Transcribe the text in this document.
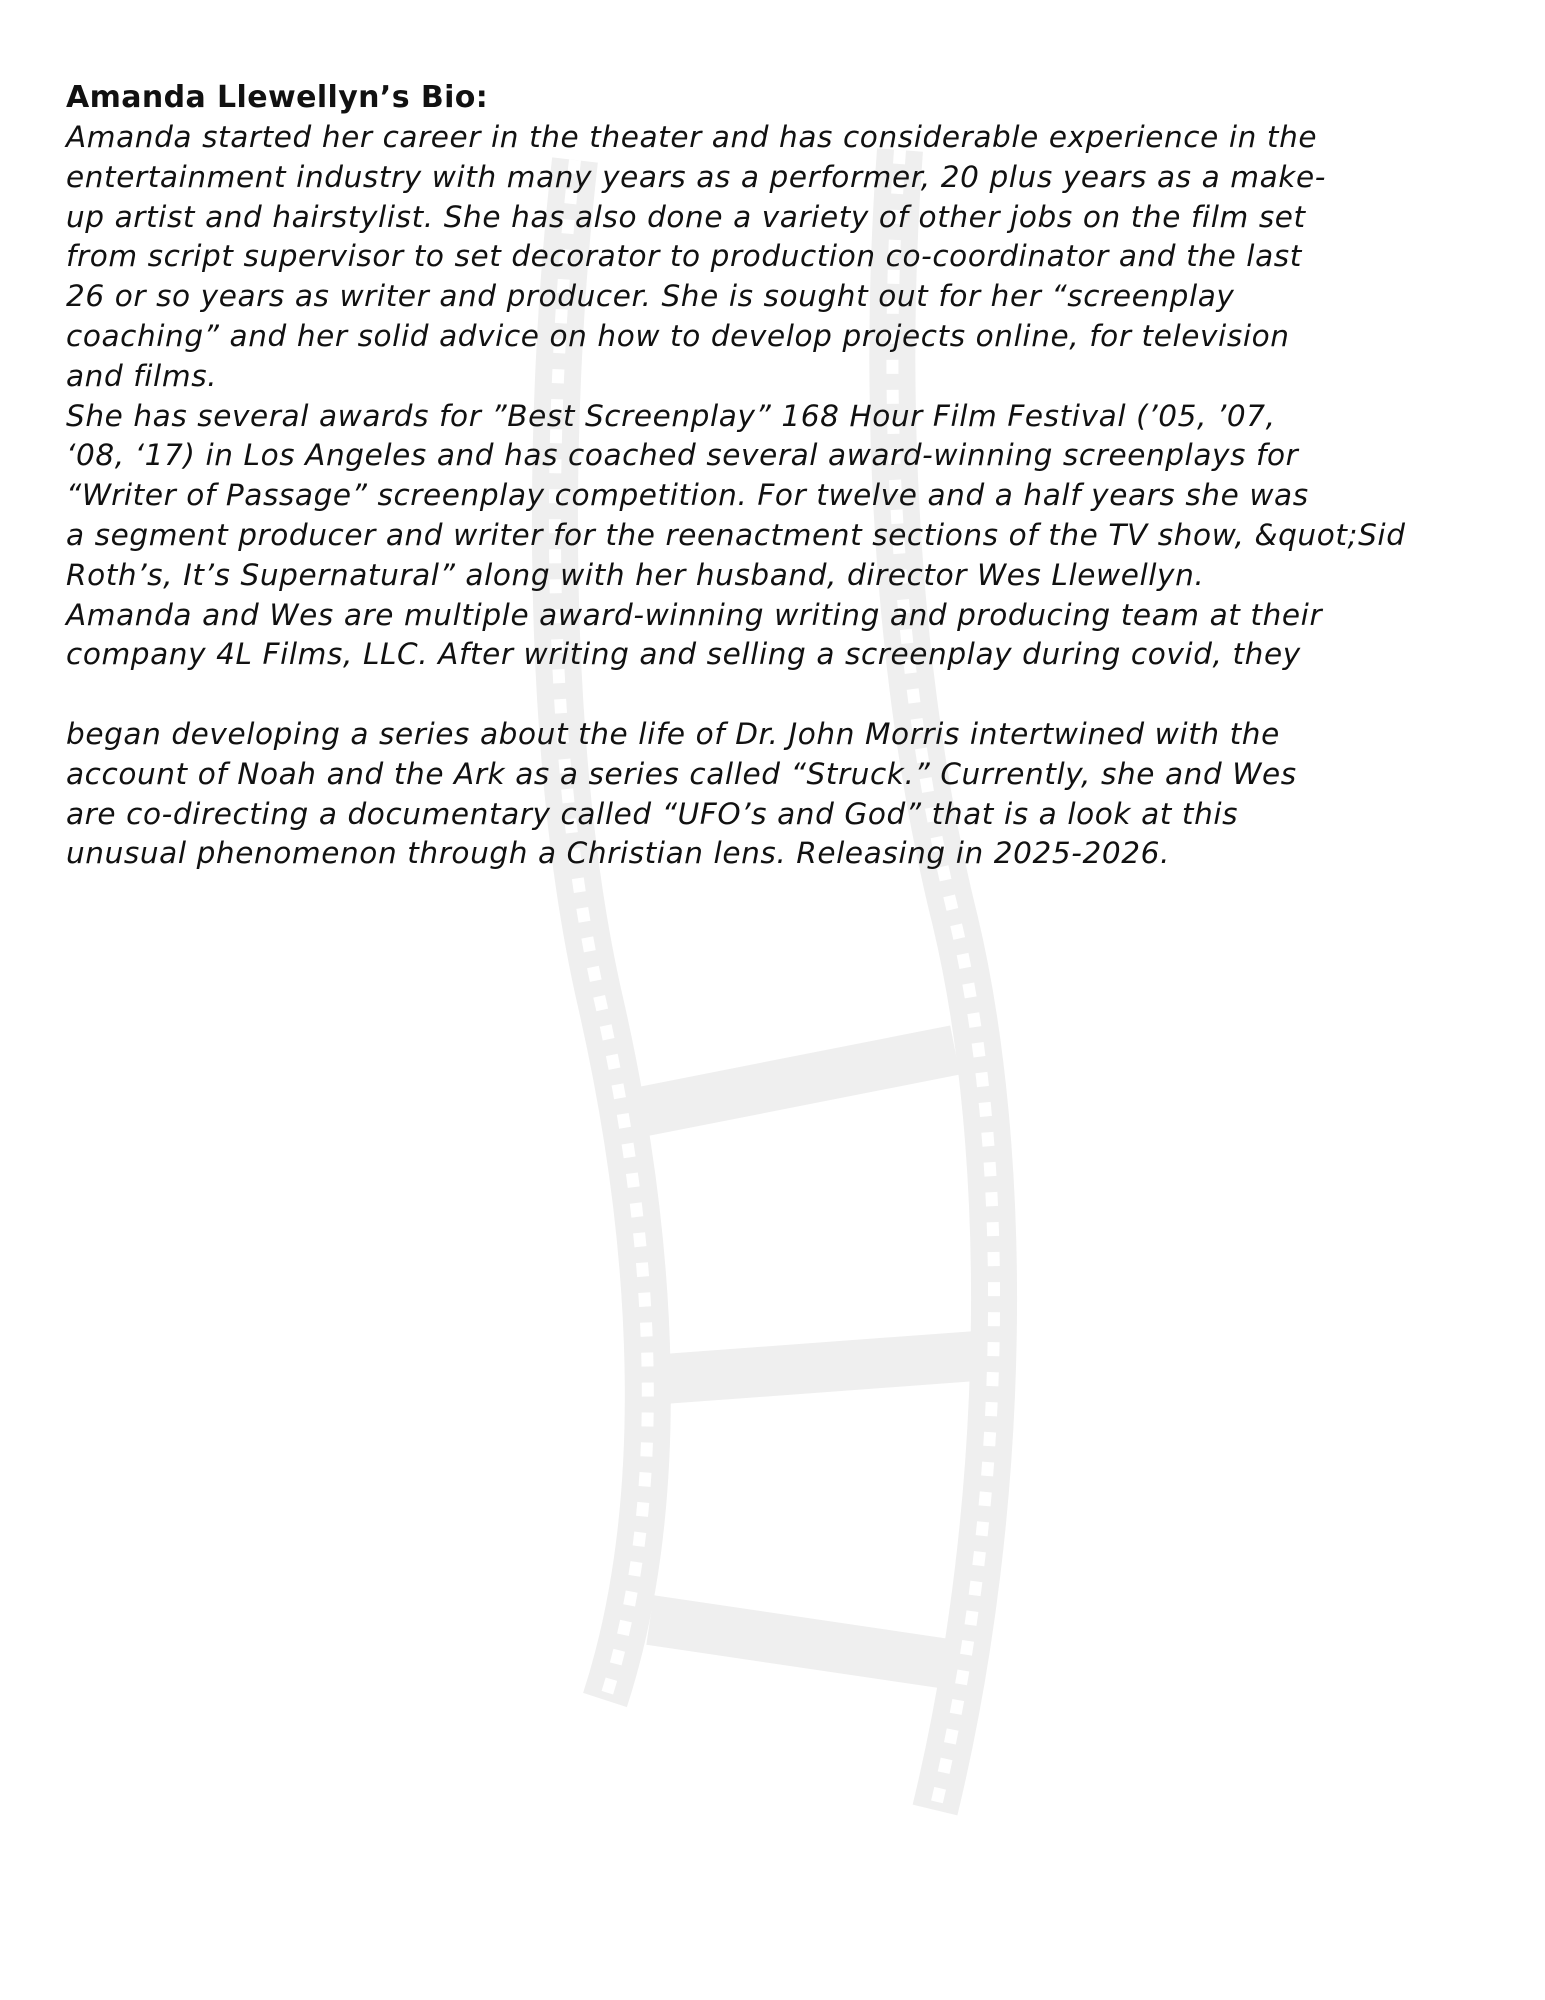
Amanda Llewellyn’s Bio:
Amanda started her career in the theater and has considerable experience in the
entertainment industry with many years as a performer, 20 plus years as a make-
up artist and hairstylist. She has also done a variety of other jobs on the film set
from script supervisor to set decorator to production co-coordinator and the last
26 or so years as writer and producer. She is sought out for her “screenplay
coaching” and her solid advice on how to develop projects online, for television
and films.
She has several awards for ”Best Screenplay” 168 Hour Film Festival (’05, ’07,
‘08, ‘17) in Los Angeles and has coached several award-winning screenplays for
“Writer of Passage” screenplay competition. For twelve and a half years she was
a segment producer and writer for the reenactment sections of the TV show, &quot;Sid
Roth’s, It’s Supernatural” along with her husband, director Wes Llewellyn.
Amanda and Wes are multiple award-winning writing and producing team at their
company 4L Films, LLC. After writing and selling a screenplay during covid, they
began developing a series about the life of Dr. John Morris intertwined with the
account of Noah and the Ark as a series called “Struck.” Currently, she and Wes
are co-directing a documentary called “UFO’s and God” that is a look at this
unusual phenomenon through a Christian lens. Releasing in 2025-2026.
